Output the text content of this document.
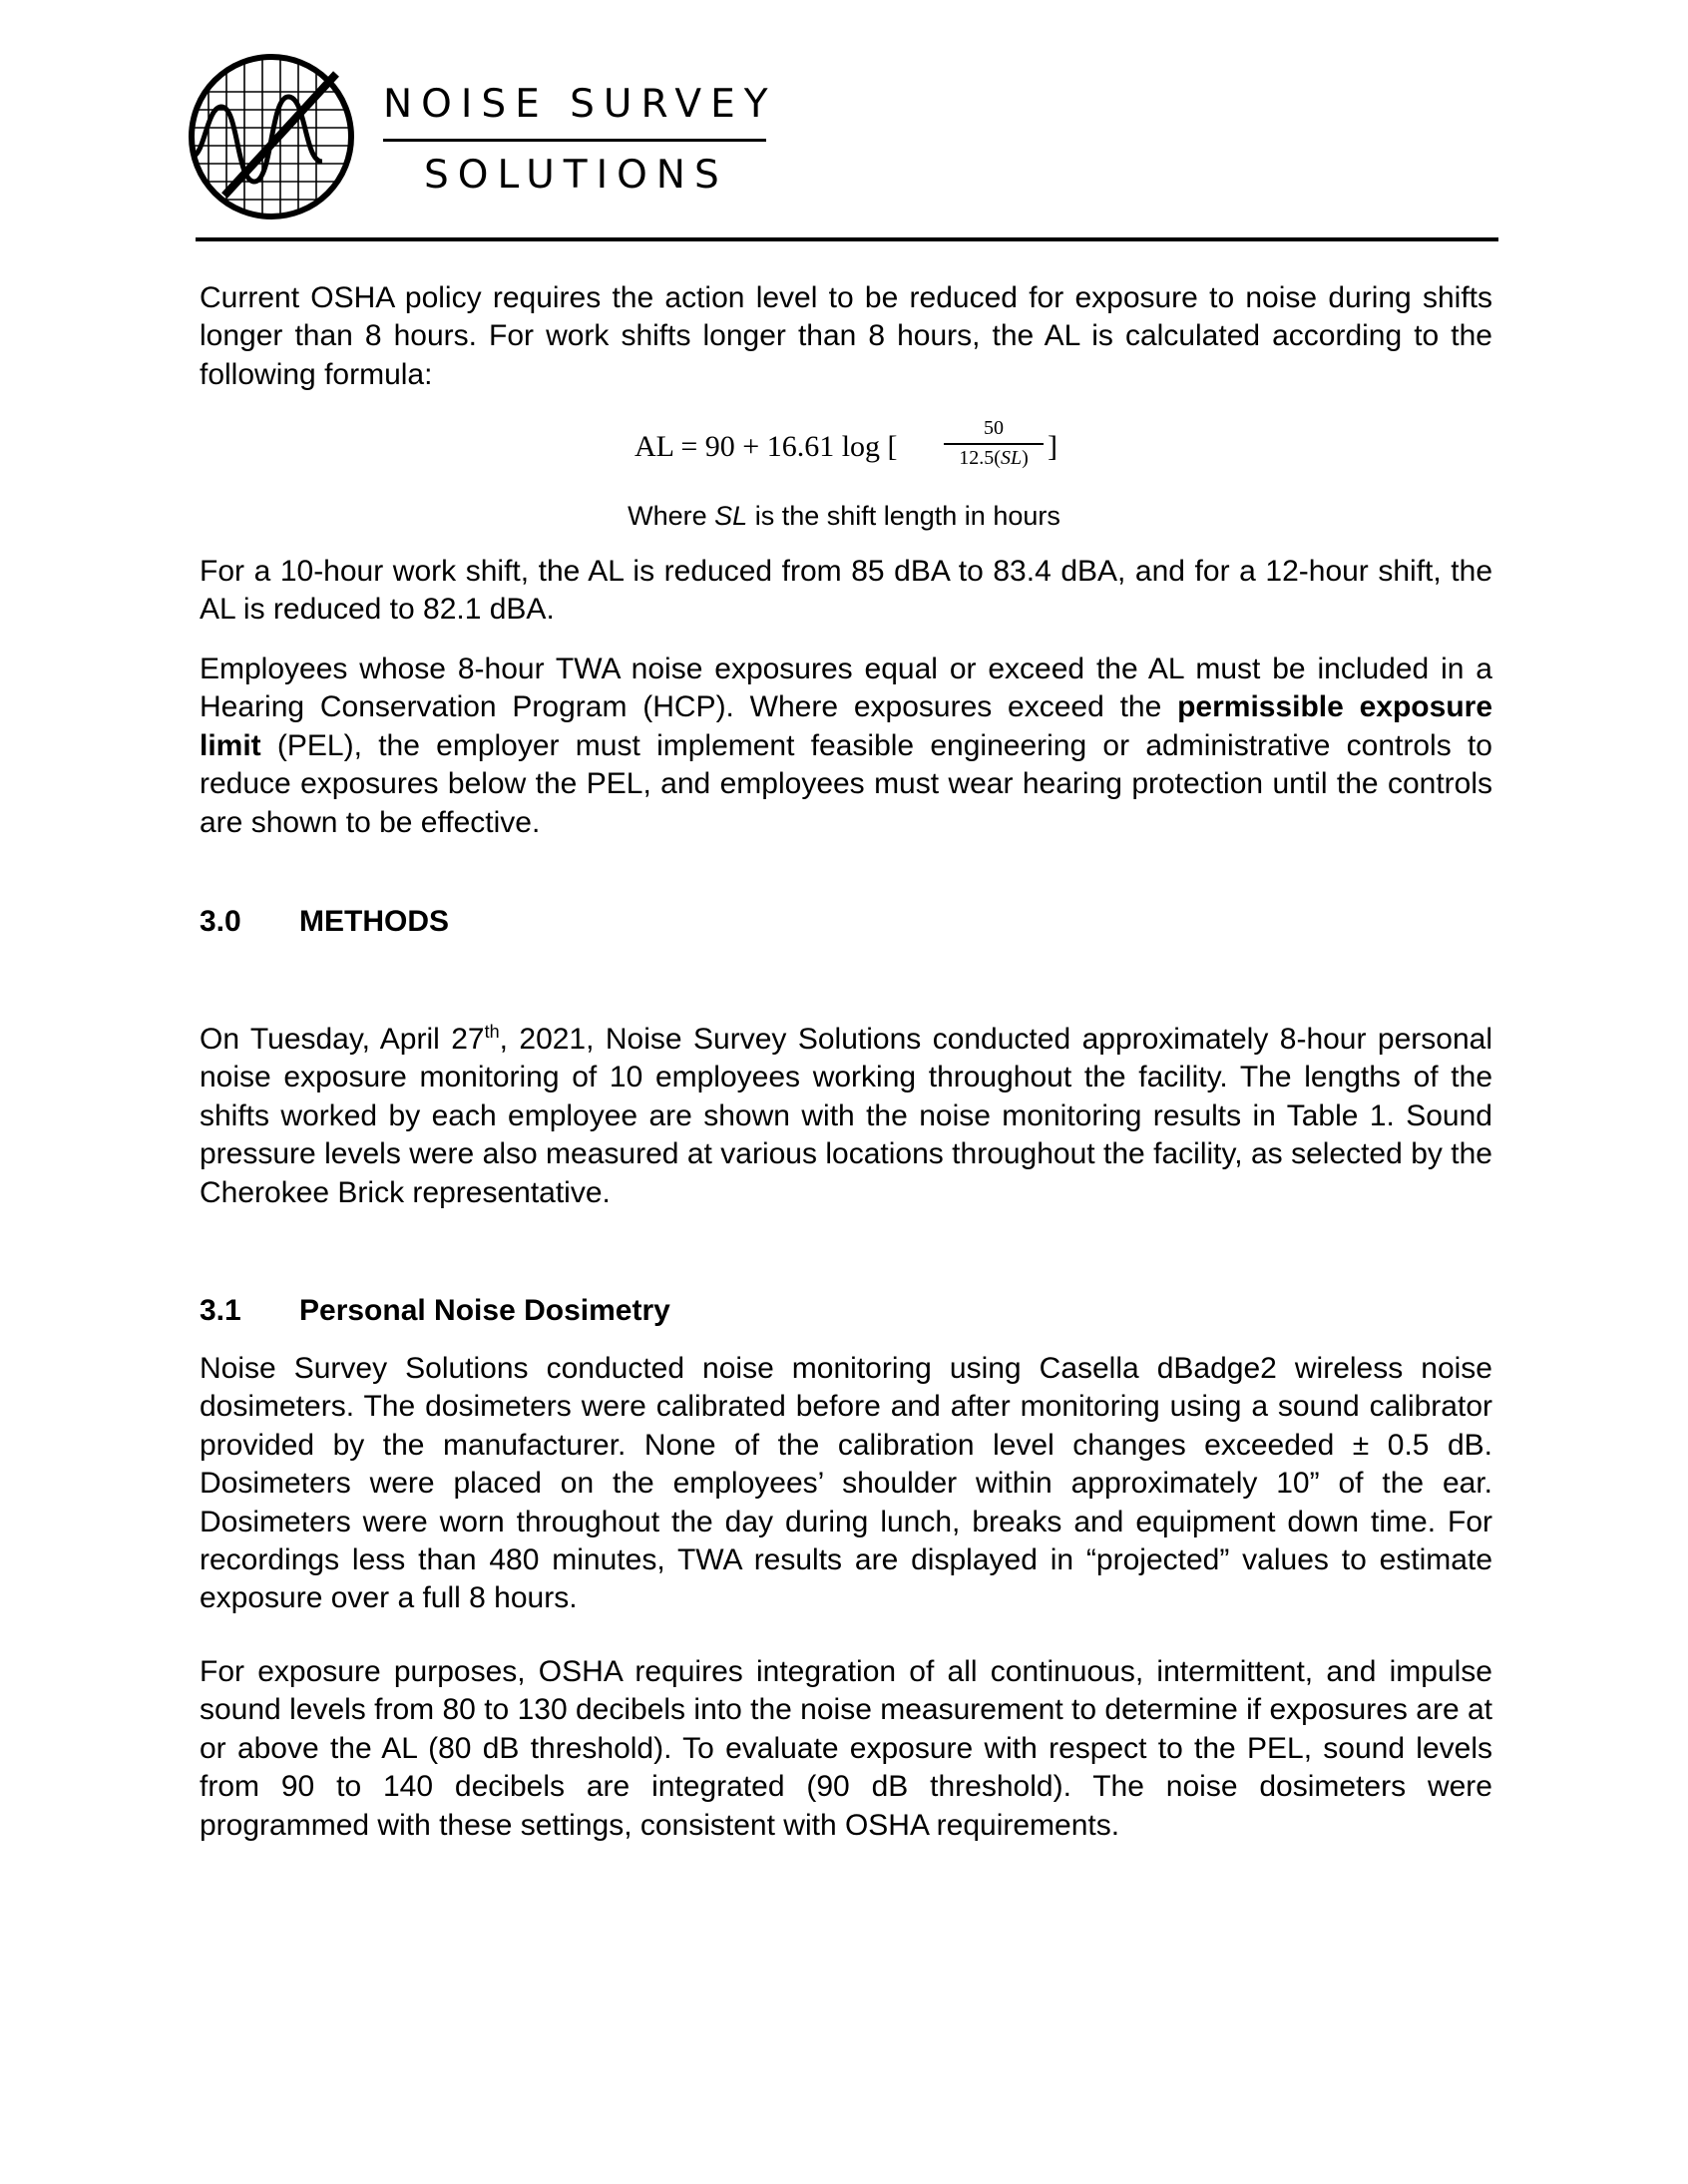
NOISE SURVEY
SOLUTIONS

Current OSHA policy requires the action level to be reduced for exposure to noise during shifts longer than 8 hours. For work shifts longer than 8 hours, the AL is calculated according to the following formula:

AL = 90 + 16.61 log [
50
12.5(SL) ]
Where SL is the shift length in hours

For a 10-hour work shift, the AL is reduced from 85 dBA to 83.4 dBA, and for a 12-hour shift, the AL is reduced to 82.1 dBA.

Employees whose 8-hour TWA noise exposures equal or exceed the AL must be included in a Hearing Conservation Program (HCP). Where exposures exceed the permissible exposure limit (PEL), the employer must implement feasible engineering or administrative controls to reduce exposures below the PEL, and employees must wear hearing protection until the controls are shown to be effective.

3.0 METHODS

On Tuesday, April 27th, 2021, Noise Survey Solutions conducted approximately 8-hour personal noise exposure monitoring of 10 employees working throughout the facility. The lengths of the shifts worked by each employee are shown with the noise monitoring results in Table 1. Sound pressure levels were also measured at various locations throughout the facility, as selected by the Cherokee Brick representative.

3.1 Personal Noise Dosimetry

Noise Survey Solutions conducted noise monitoring using Casella dBadge2 wireless noise dosimeters. The dosimeters were calibrated before and after monitoring using a sound calibrator provided by the manufacturer. None of the calibration level changes exceeded ± 0.5 dB. Dosimeters were placed on the employees’ shoulder within approximately 10” of the ear. Dosimeters were worn throughout the day during lunch, breaks and equipment down time. For recordings less than 480 minutes, TWA results are displayed in “projected” values to estimate exposure over a full 8 hours.

For exposure purposes, OSHA requires integration of all continuous, intermittent, and impulse sound levels from 80 to 130 decibels into the noise measurement to determine if exposures are at or above the AL (80 dB threshold). To evaluate exposure with respect to the PEL, sound levels from 90 to 140 decibels are integrated (90 dB threshold). The noise dosimeters were programmed with these settings, consistent with OSHA requirements.
